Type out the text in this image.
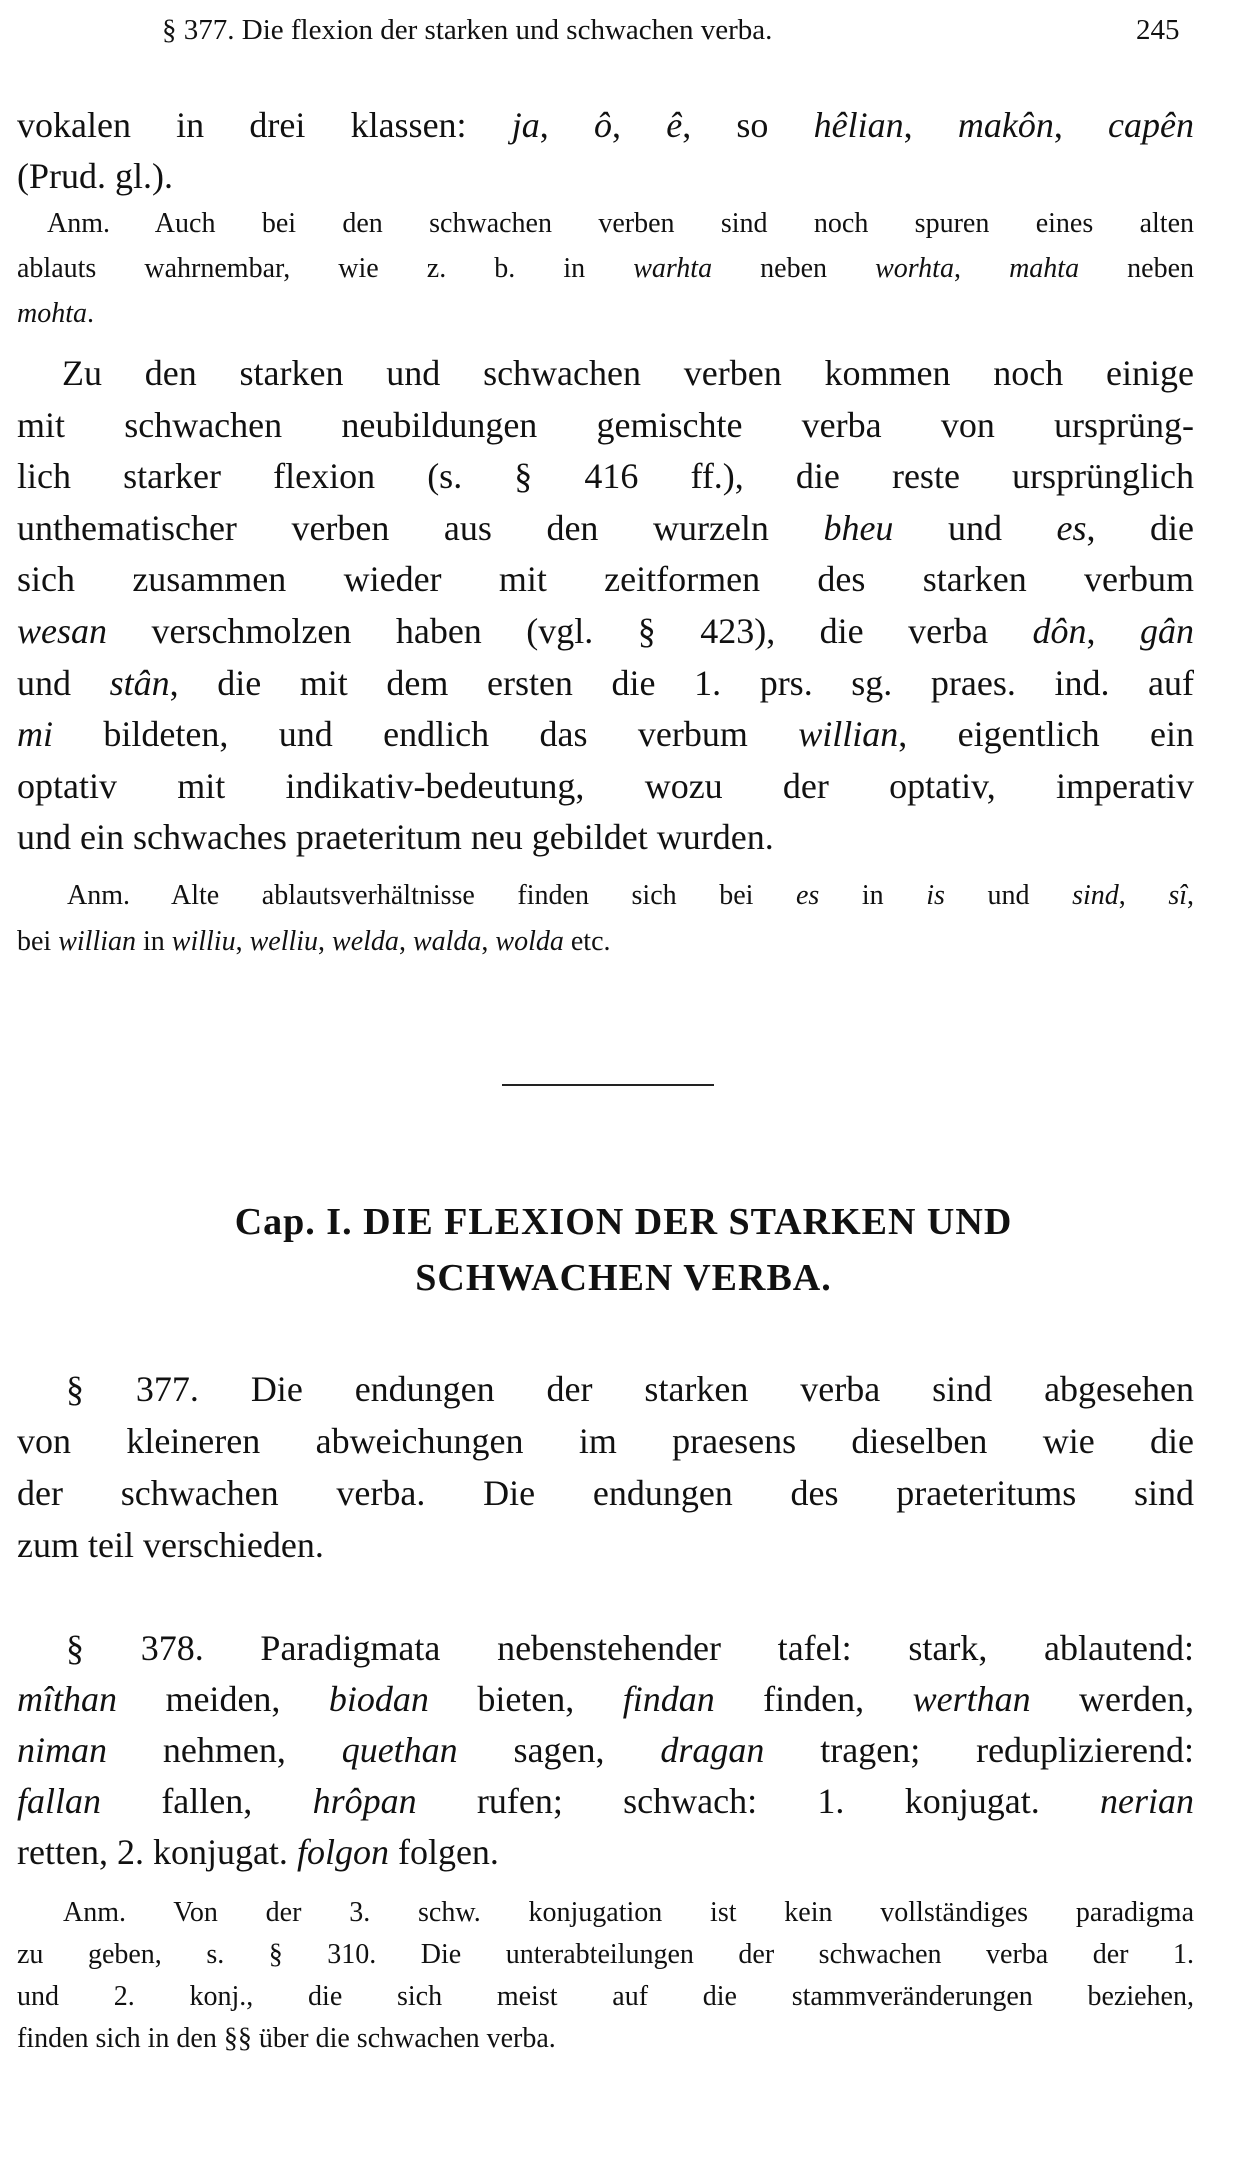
§ 377. Die flexion der starken und schwachen verba.	245
vokalen in drei klassen: ja, ô, ê, so hêlian, makôn, capên
(Prud. gl.).
Anm. Auch bei den schwachen verben sind noch spuren eines alten
ablauts wahrnembar, wie z. b. in warhta neben worhta, mahta neben
mohta.
Zu den starken und schwachen verben kommen noch einige
mit schwachen neubildungen gemischte verba von ursprüng-
lich starker flexion (s. § 416 ff.), die reste ursprünglich
unthematischer verben aus den wurzeln bheu und es, die
sich zusammen wieder mit zeitformen des starken verbum
wesan verschmolzen haben (vgl. § 423), die verba dôn, gân
und stân, die mit dem ersten die 1. prs. sg. praes. ind. auf
mi bildeten, und endlich das verbum willian, eigentlich ein
optativ mit indikativ-bedeutung, wozu der optativ, imperativ
und ein schwaches praeteritum neu gebildet wurden.
Anm. Alte ablautsverhältnisse finden sich bei es in is und sind, sî,
bei willian in williu, welliu, welda, walda, wolda etc.
§ 377. Die endungen der starken verba sind abgesehen
von kleineren abweichungen im praesens dieselben wie die
der schwachen verba. Die endungen des praeteritums sind
zum teil verschieden.
§ 378. Paradigmata nebenstehender tafel: stark, ablautend:
mîthan meiden, biodan bieten, findan finden, werthan werden,
niman nehmen, quethan sagen, dragan tragen; reduplizierend:
fallan fallen, hrôpan rufen; schwach: 1. konjugat. nerian
retten, 2. konjugat. folgon folgen.
Anm. Von der 3. schw. konjugation ist kein vollständiges paradigma
zu geben, s. § 310. Die unterabteilungen der schwachen verba der 1.
und 2. konj., die sich meist auf die stammveränderungen beziehen,
finden sich in den §§ über die schwachen verba.
Cap. I. DIE FLEXION DER STARKEN UND
SCHWACHEN VERBA.
